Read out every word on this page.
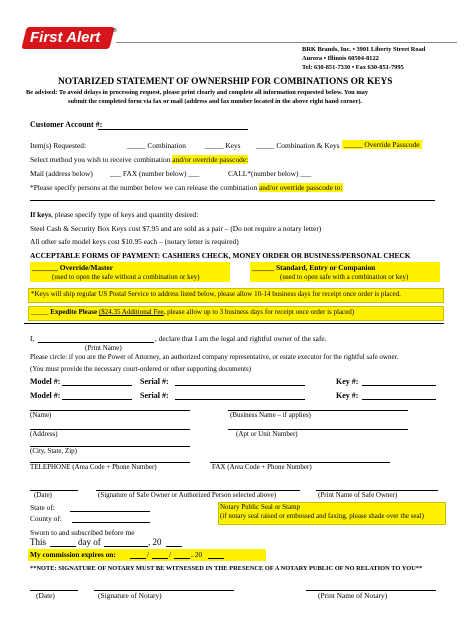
First Alert	®
BRK Brands, Inc. • 3901 Liberty Street Road
Aurora • Illinois 60504-8122
Tel: 630-851-7330 • Fax 630-851-7995
NOTARIZED STATEMENT OF OWNERSHIP FOR COMBINATIONS OR KEYS
Be advised: To avoid delays in processing request, please print clearly and complete all information requested below. You may
submit the completed form via fax or mail (address and fax number located in the above right hand corner).
Customer Account #:
Item(s) Requested:	_____ Combination	_____ Keys _____ Combination & Keys _____ Override Passcode
Select method you wish to receive combination and/or override passcode:
Mail (address below) ___ FAX (number below) ___	CALL*(number below) ___
*Please specify persons at the number below we can release the combination and/or override passcode to:
If keys, please specify type of keys and quantity desired:
Steel Cash & Security Box Keys cost $7.95 and are sold as a pair – (Do not require a notary letter)
All other safe model keys cost $10.95 each – (notary letter is required)
ACCEPTABLE FORMS OF PAYMENT: CASHIERS CHECK, MONEY ORDER OR BUSINESS/PERSONAL CHECK
_______ Override/Master
(used to open the safe without a combination or key)
______ Standard, Entry or Companion
(used to open safe with a combination or key)
*Keys will ship regular US Postal Service to address listed below, please allow 10-14 business days for receipt once order is placed.
_____ Expedite Please ($24.35 Additional Fee, please allow up to 3 business days for receipt once order is placed)
I,	, declare that I am the legal and rightful owner of the safe.
(Print Name)
Please circle: if you are the Power of Attorney, an authorized company representative, or estate executor for the rightful safe owner.
(You must provide the necessary court-ordered or other supporting documents)
Model #:	Serial #:	Key #:
Model #:	Serial #:	Key #:
(Name)	(Business Name – if applies)
(Address)	(Apt or Unit Number)
(City, State, Zip)
TELEPHONE (Area Code + Phone Number)	FAX (Area Code + Phone Number)
(Date)	(Signature of Safe Owner or Authorized Person selected above)	(Print Name of Safe Owner)
State of:
County of:
Notary Public Seal or Stamp
(if notary seal raised or embossed and faxing, please shade over the seal)
Sworn to and subscribed before me
This	day of	, 20
My commission expires on:	/	/	, 20
**NOTE: SIGNATURE OF NOTARY MUST BE WITNESSED IN THE PRESENCE OF A NOTARY PUBLIC OF NO RELATION TO YOU**
(Date)	(Signature of Notary)	(Print Name of Notary)
